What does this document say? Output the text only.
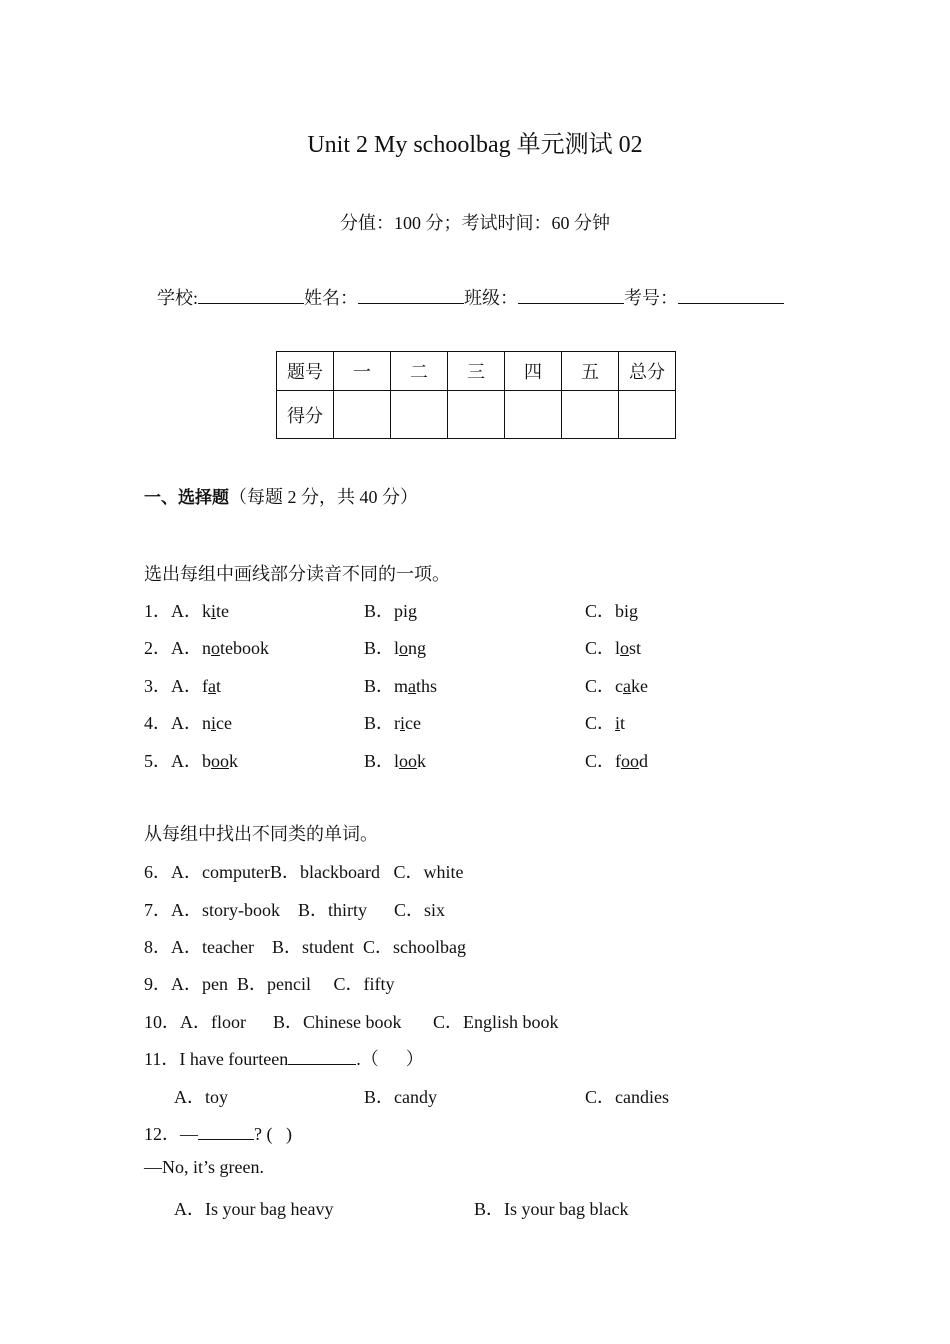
Unit 2 My schoolbag 单元测试 02
分值：100 分；考试时间：60 分钟
学校:	姓名：	班级：	考号：
题号	一	二	三	四	五	总分
得分						
一、选择题（每题 2 分，共 40 分）
选出每组中画线部分读音不同的一项。
1．A．kite	B．pig	C．big
2．A．notebook	B．long	C．lost
3．A．fat	B．maths	C．cake
4．A．nice	B．rice	C．it
5．A．book	B．look	C．food
从每组中找出不同类的单词。
6．A．computerB．blackboard   C．white
7．A．story-book    B．thirty      C．six
8．A．teacher    B．student  C．schoolbag
9．A．pen  B．pencil     C．fifty
10．A．floor      B．Chinese book       C．English book
11．I have fourteen	.（      ）
A．toy	B．candy	C．candies
12．—	? (   )
—No, it’s green.
A．Is your bag heavy	B．Is your bag black
